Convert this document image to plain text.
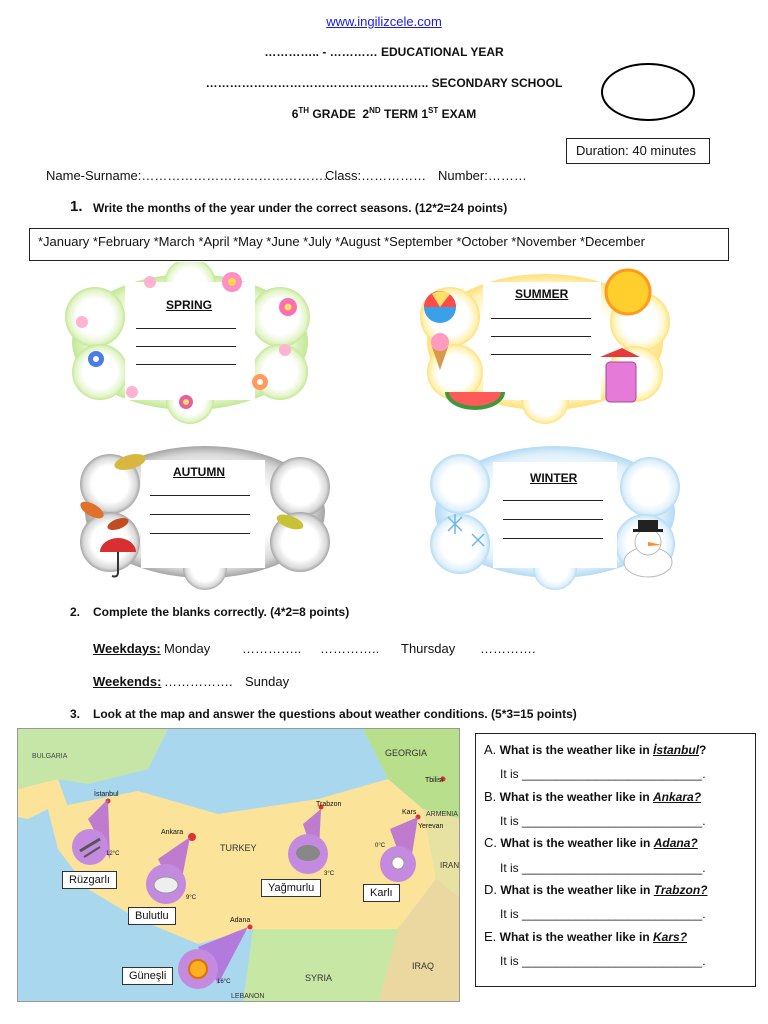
www.ingilizcele.com
………….. - ………… EDUCATIONAL YEAR
……………………………………………….. SECONDARY SCHOOL
6TH GRADE 2ND TERM 1ST EXAM
Duration: 40 minutes
Name-Surname:……………………………………..
Class:…………… Number:………
1. Write the months of the year under the correct seasons. (12*2=24 points)
*January *February *March *April *May *June *July *August *September *October *November *December
SPRING
SUMMER
AUTUMN	WINTER
2. Complete the blanks correctly. (4*2=8 points)
Weekdays: Monday ………….. ………….. Thursday ………….
Weekends: ……………. Sunday
3. Look at the map and answer the questions about weather conditions. (5*3=15 points)
BULGARIA	GEORGIA
ARMENIA
TURKEY
IRAN
SYRIA
IRAQ
LEBANON
İstanbul
Ankara
Trabzon
Kars
Adana
Tbilisi
Yerevan
12°C
9°C
3°C
0°C
16°C
Rüzgarlı
Bulutlu
Yağmurlu	Karlı
Güneşli
A. What is the weather like in İstanbul?
It is ___________________________.
B. What is the weather like in Ankara?
It is ___________________________.
C. What is the weather like in Adana?
It is ___________________________.
D. What is the weather like in Trabzon?
It is ___________________________.
E. What is the weather like in Kars?
It is ___________________________.
